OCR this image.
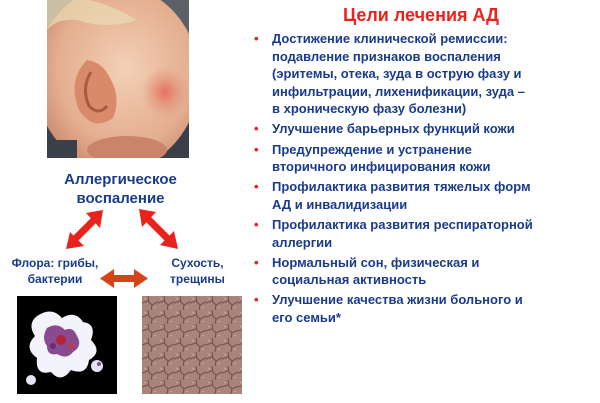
Аллергическое
воспаление
Флора: грибы,
бактерии
Сухость,
трещины
Цели лечения АД
• Достижение клинической ремиссии:
подавление признаков воспаления
(эритемы, отека, зуда в острую фазу и
инфильтрации, лихенификации, зуда –
в хроническую фазу болезни)
• Улучшение барьерных функций кожи
• Предупреждение и устранение
вторичного инфицирования кожи
• Профилактика развития тяжелых форм
АД и инвалидизации
• Профилактика развития респираторной
аллергии
• Нормальный сон, физическая и
социальная активность
• Улучшение качества жизни больного и
его семьи*
